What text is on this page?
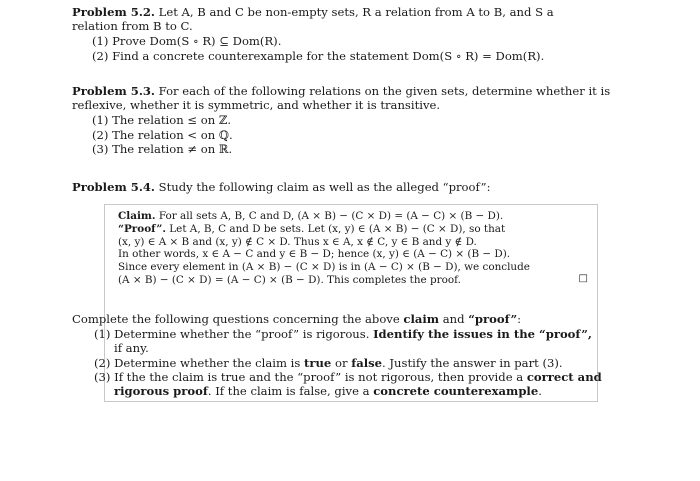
Problem 5.2. Let A, B and C be non-empty sets, R a relation from A to B, and S a
relation from B to C.
(1) Prove Dom(S ∘ R) ⊆ Dom(R).
(2) Find a concrete counterexample for the statement Dom(S ∘ R) = Dom(R).
Problem 5.3. For each of the following relations on the given sets, determine whether it is
reflexive, whether it is symmetric, and whether it is transitive.
(1) The relation ≤ on ℤ.
(2) The relation < on ℚ.
(3) The relation ≠ on ℝ.
Problem 5.4. Study the following claim as well as the alleged “proof”:
Claim. For all sets A, B, C and D, (A × B) − (C × D) = (A − C) × (B − D).
“Proof”. Let A, B, C and D be sets. Let (x, y) ∈ (A × B) − (C × D), so that
(x, y) ∈ A × B and (x, y) ∉ C × D. Thus x ∈ A, x ∉ C, y ∈ B and y ∉ D.
In other words, x ∈ A − C and y ∈ B − D; hence (x, y) ∈ (A − C) × (B − D).
Since every element in (A × B) − (C × D) is in (A − C) × (B − D), we conclude
(A × B) − (C × D) = (A − C) × (B − D). This completes the proof.	□
Complete the following questions concerning the above claim and “proof”:
(1) Determine whether the “proof” is rigorous. Identify the issues in the “proof”,
if any.
(2) Determine whether the claim is true or false. Justify the answer in part (3).
(3) If the the claim is true and the “proof” is not rigorous, then provide a correct and
rigorous proof. If the claim is false, give a concrete counterexample.
